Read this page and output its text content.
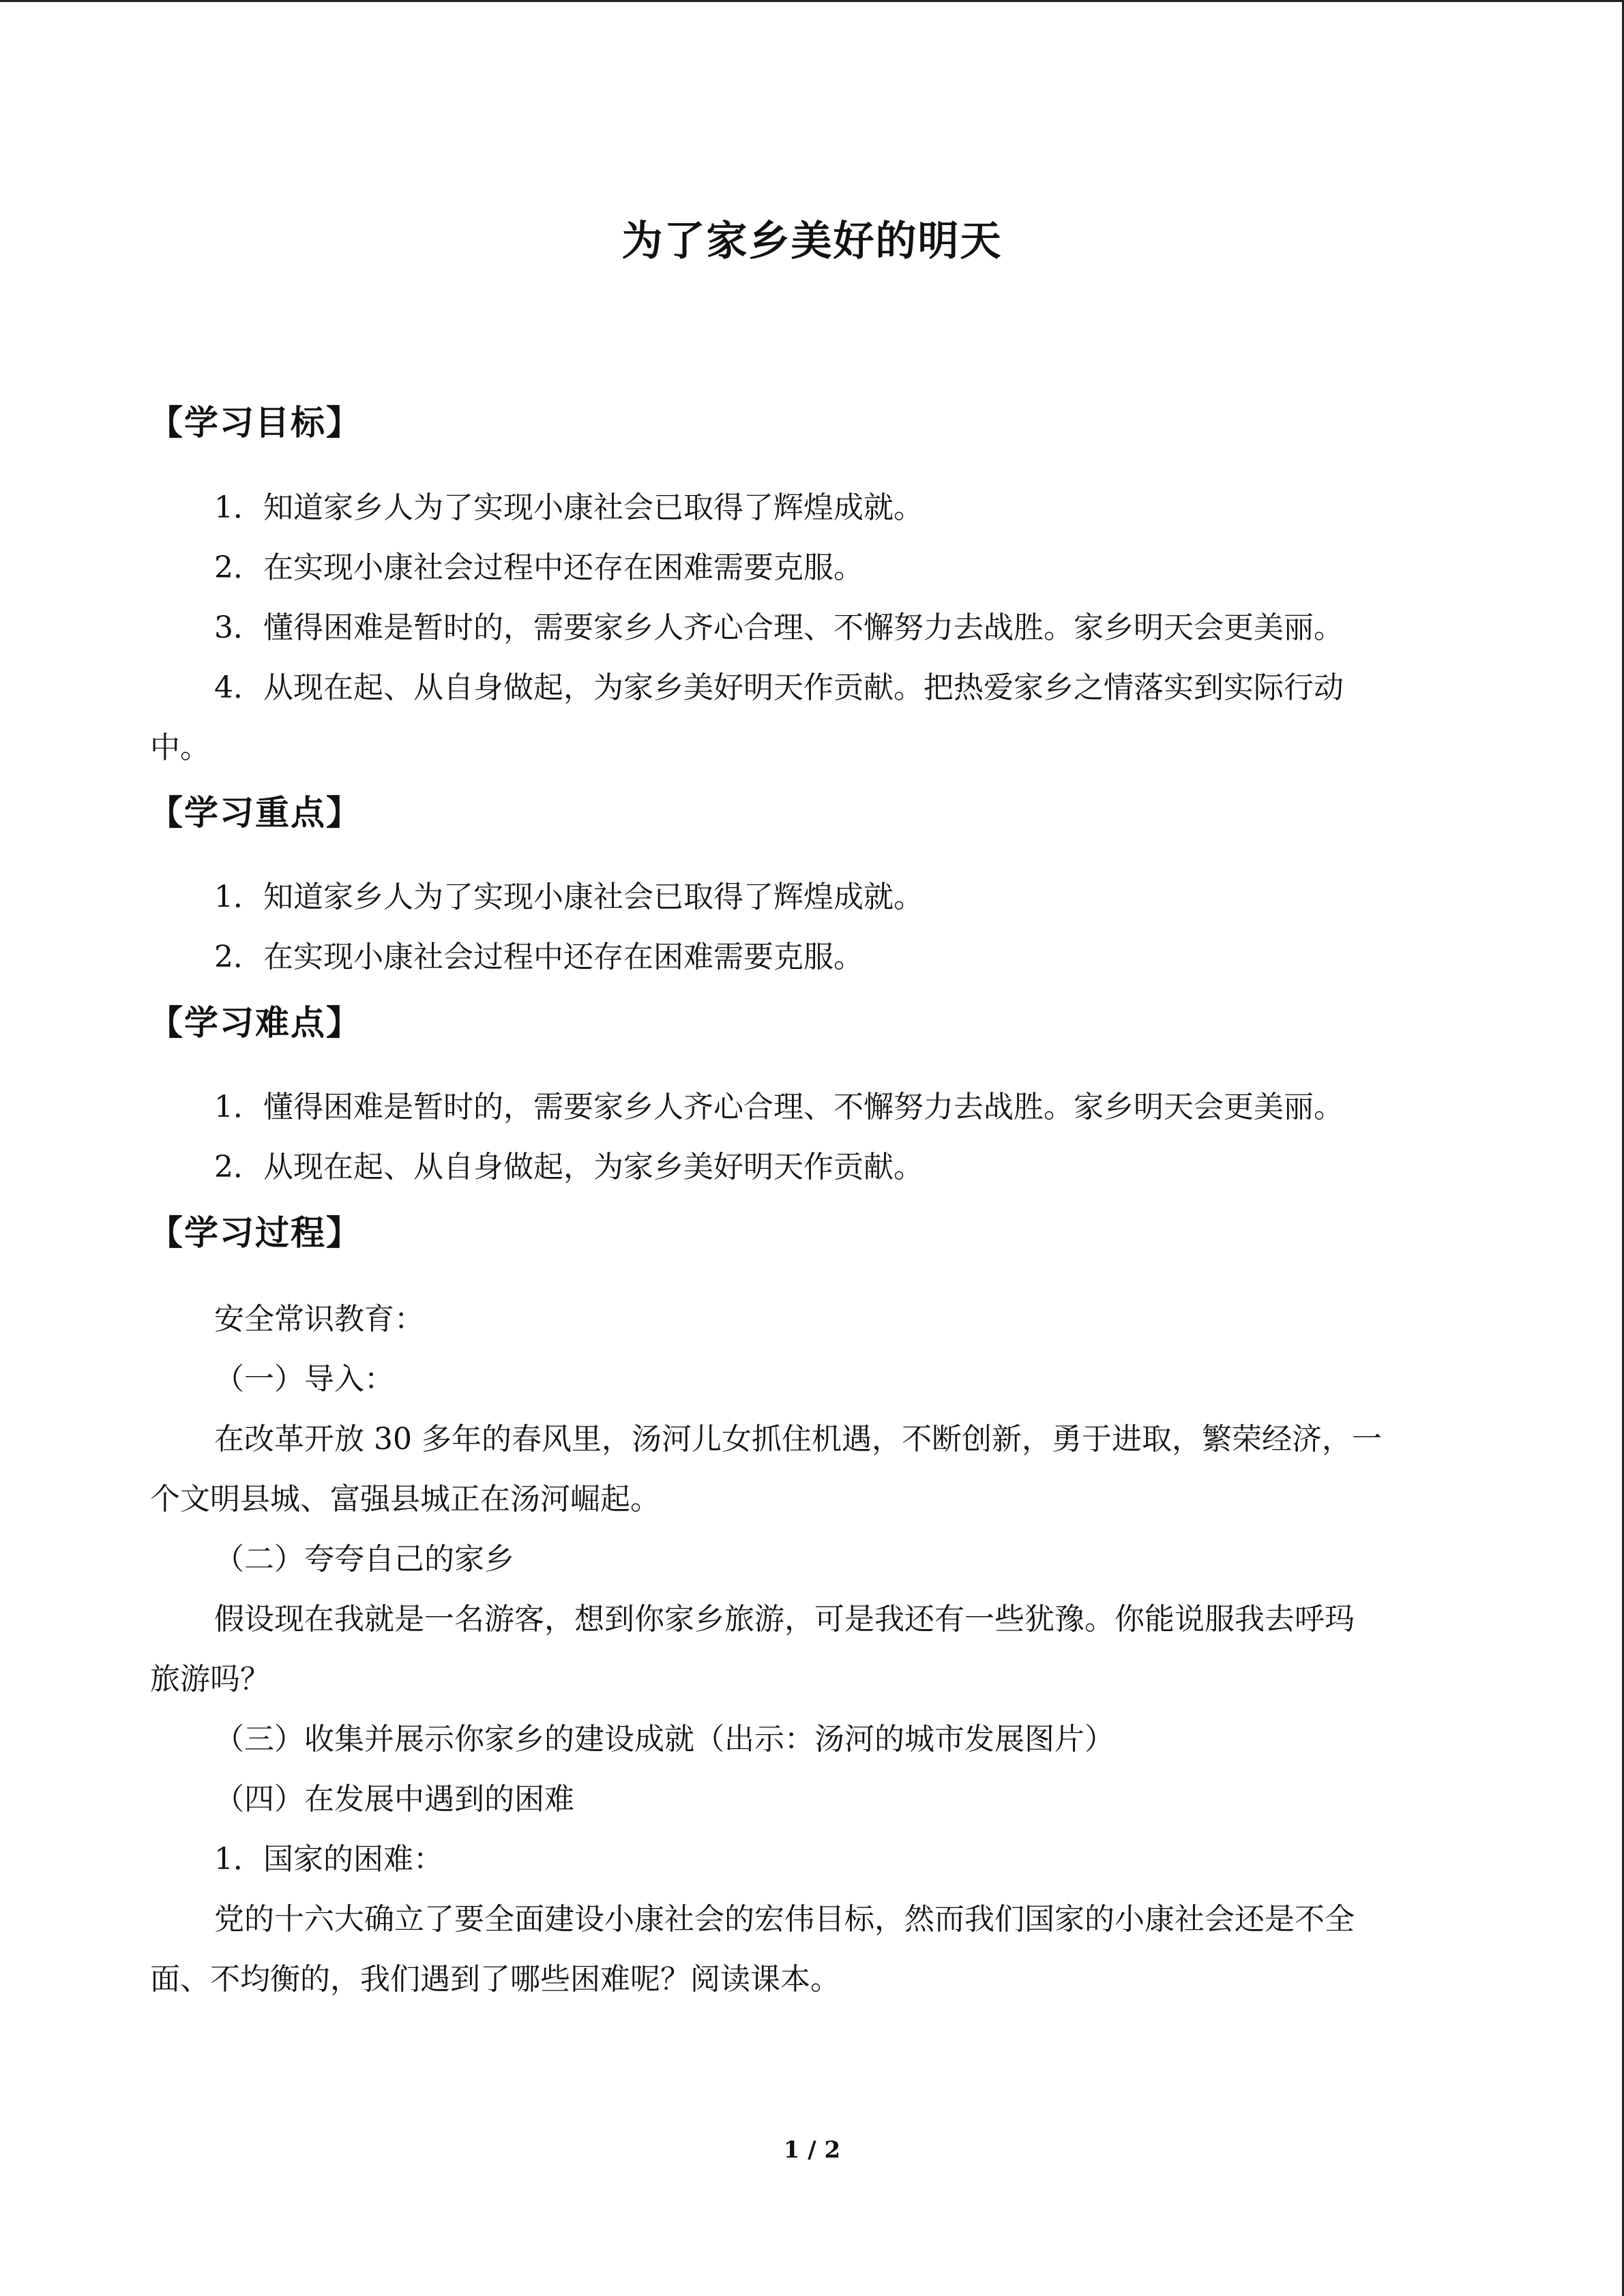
为了家乡美好的明天
【学习目标】
1．知道家乡人为了实现小康社会已取得了辉煌成就。
2．在实现小康社会过程中还存在困难需要克服。
3．懂得困难是暂时的，需要家乡人齐心合理、不懈努力去战胜。家乡明天会更美丽。
4．从现在起、从自身做起，为家乡美好明天作贡献。把热爱家乡之情落实到实际行动
中。
【学习重点】
1．知道家乡人为了实现小康社会已取得了辉煌成就。
2．在实现小康社会过程中还存在困难需要克服。
【学习难点】
1．懂得困难是暂时的，需要家乡人齐心合理、不懈努力去战胜。家乡明天会更美丽。
2．从现在起、从自身做起，为家乡美好明天作贡献。
【学习过程】
安全常识教育：
（一）导入：
在改革开放 30 多年的春风里，汤河儿女抓住机遇，不断创新，勇于进取，繁荣经济，一
个文明县城、富强县城正在汤河崛起。
（二）夸夸自己的家乡
假设现在我就是一名游客，想到你家乡旅游，可是我还有一些犹豫。你能说服我去呼玛
旅游吗？
（三）收集并展示你家乡的建设成就（出示：汤河的城市发展图片）
（四）在发展中遇到的困难
1．国家的困难：
党的十六大确立了要全面建设小康社会的宏伟目标，然而我们国家的小康社会还是不全
面、不均衡的，我们遇到了哪些困难呢？阅读课本。
1 / 2
